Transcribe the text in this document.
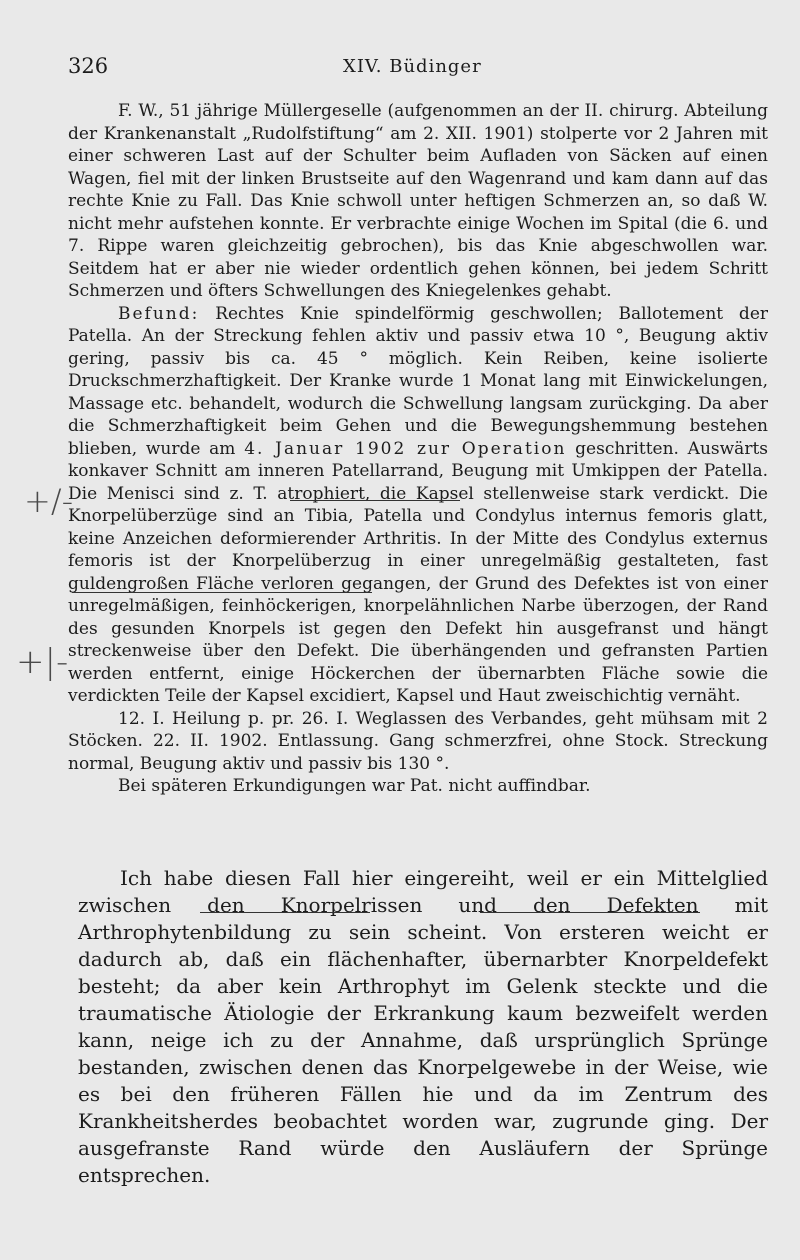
326	XIV. Büdinger

F. W., 51 jährige Müllergeselle (aufgenommen an der II. chirurg. Abteilung der Krankenanstalt „Rudolfstiftung“ am 2. XII. 1901) stolperte vor 2 Jahren mit einer schweren Last auf der Schulter beim Aufladen von Säcken auf einen Wagen, fiel mit der linken Brustseite auf den Wagenrand und kam dann auf das rechte Knie zu Fall. Das Knie schwoll unter heftigen Schmerzen an, so daß W. nicht mehr aufstehen konnte. Er verbrachte einige Wochen im Spital (die 6. und 7. Rippe waren gleichzeitig gebrochen), bis das Knie abgeschwollen war. Seitdem hat er aber nie wieder ordentlich gehen können, bei jedem Schritt Schmerzen und öfters Schwellungen des Kniegelenkes gehabt.

Befund: Rechtes Knie spindelförmig geschwollen; Ballotement der Patella. An der Streckung fehlen aktiv und passiv etwa 10 °, Beugung aktiv gering, passiv bis ca. 45 ° möglich. Kein Reiben, keine isolierte Druckschmerzhaftigkeit. Der Kranke wurde 1 Monat lang mit Einwickelungen, Massage etc. behandelt, wodurch die Schwellung langsam zurückging. Da aber die Schmerzhaftigkeit beim Gehen und die Bewegungshemmung bestehen blieben, wurde am 4. Januar 1902 zur Operation geschritten. Auswärts konkaver Schnitt am inneren Patellarrand, Beugung mit Umkippen der Patella. Die Menisci sind z. T. atrophiert, die Kapsel stellenweise stark verdickt. Die Knorpelüberzüge sind an Tibia, Patella und Condylus internus femoris glatt, keine Anzeichen deformierender Arthritis. In der Mitte des Condylus externus femoris ist der Knorpelüberzug in einer unregelmäßig gestalteten, fast guldengroßen Fläche verloren gegangen, der Grund des Defektes ist von einer unregelmäßigen, feinhöckerigen, knorpelähnlichen Narbe überzogen, der Rand des gesunden Knorpels ist gegen den Defekt hin ausgefranst und hängt streckenweise über den Defekt. Die überhängenden und gefransten Partien werden entfernt, einige Höckerchen der übernarbten Fläche sowie die verdickten Teile der Kapsel excidiert, Kapsel und Haut zweischichtig vernäht.

12. I. Heilung p. pr. 26. I. Weglassen des Verbandes, geht mühsam mit 2 Stöcken. 22. II. 1902. Entlassung. Gang schmerzfrei, ohne Stock. Streckung normal, Beugung aktiv und passiv bis 130 °.

Bei späteren Erkundigungen war Pat. nicht auffindbar.

Ich habe diesen Fall hier eingereiht, weil er ein Mittelglied zwischen den Knorpelrissen und den Defekten mit Arthrophytenbildung zu sein scheint. Von ersteren weicht er dadurch ab, daß ein flächenhafter, übernarbter Knorpeldefekt besteht; da aber kein Arthrophyt im Gelenk steckte und die traumatische Ätiologie der Erkrankung kaum bezweifelt werden kann, neige ich zu der Annahme, daß ursprünglich Sprünge bestanden, zwischen denen das Knorpelgewebe in der Weise, wie es bei den früheren Fällen hie und da im Zentrum des Krankheitsherdes beobachtet worden war, zugrunde ging. Der ausgefranste Rand würde den Ausläufern der Sprünge entsprechen.

+/-
+|-
